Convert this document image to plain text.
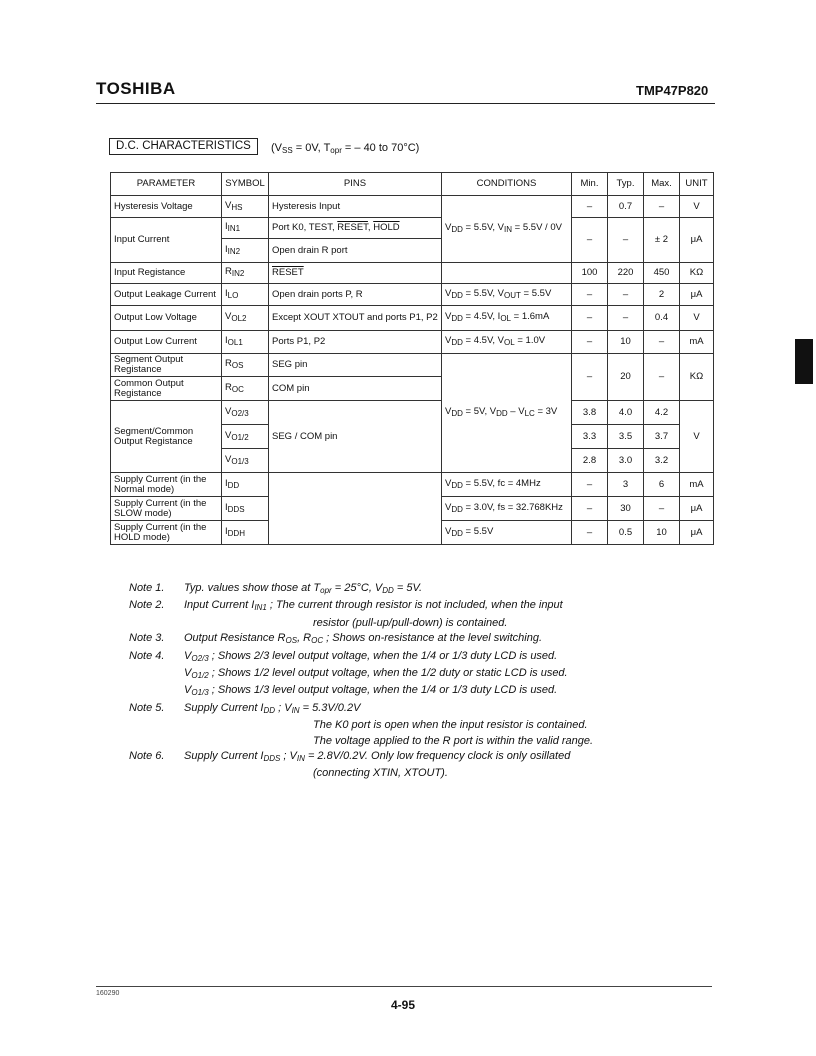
TOSHIBA	TMP47P820
D.C. CHARACTERISTICS	($V_{SS} = 0V$, $T_{opr}$ = – 40 to 70°C)
PARAMETER	SYMBOL	PINS	CONDITIONS	Min.	Typ.	Max.	UNIT
Hysteresis Voltage	$V_{HS}$	Hysteresis Input	$V_{DD} = 5.5V$, $V_{IN} = 5.5V / 0V$	–	0.7	–	V
Input Current	$I_{IN1}$	Port K0, TEST, RESET, HOLD		–	–	± 2	μA
	$I_{IN2}$	Open drain R port					
Input Registance	$R_{IN2}$	RESET		100	220	450	KΩ
Output Leakage Current	$I_{LO}$	Open drain ports P, R	$V_{DD} = 5.5V$, $V_{OUT} = 5.5V$	–	–	2	μA
Output Low Voltage	$V_{OL2}$	Except XOUT XTOUT and ports P1, P2	$V_{DD} = 4.5V$, $I_{OL} = 1.6mA$	–	–	0.4	V
Output Low Current	$I_{OL1}$	Ports P1, P2	$V_{DD} = 4.5V$, $V_{OL} = 1.0V$	–	10	–	mA
Segment Output Registance	$R_{OS}$	SEG pin	$V_{DD} = 5V$, $V_{DD} - V_{LC} = 3V$	–	20	–	KΩ
Common Output Registance	$R_{OC}$	COM pin					
Segment/Common Output Registance	$V_{O2/3}$	SEG / COM pin		3.8	4.0	4.2	V
	$V_{O1/2}$			3.3	3.5	3.7	
	$V_{O1/3}$			2.8	3.0	3.2	
Supply Current (in the Normal mode)	$I_{DD}$		$V_{DD} = 5.5V$, fc = 4MHz	–	3	6	mA
Supply Current (in the SLOW mode)	$I_{DDS}$		$V_{DD} = 3.0V$, fs = 32.768KHz	–	30	–	μA
Supply Current (in the HOLD mode)	$I_{DDH}$		$V_{DD} = 5.5V$	–	0.5	10	μA
Note 1.	Typ. values show those at $T_{opr} = 25^\circ C$, $V_{DD} = 5V$.
Note 2.	Input Current $I_{IN1}$ ; The current through resistor is not included, when the input
resistor (pull-up/pull-down) is contained.
Note 3.	Output Resistance $R_{OS}$, $R_{OC}$ ; Shows on-resistance at the level switching.
Note 4.	$V_{O2/3}$ ; Shows 2/3 level output voltage, when the 1/4 or 1/3 duty LCD is used.
$V_{O1/2}$ ; Shows 1/2 level output voltage, when the 1/2 duty or static LCD is used.
$V_{O1/3}$ ; Shows 1/3 level output voltage, when the 1/4 or 1/3 duty LCD is used.
Note 5.	Supply Current $I_{DD}$ ; $V_{IN} = 5.3V/0.2V$
The K0 port is open when the input resistor is contained.
The voltage applied to the R port is within the valid range.
Note 6.	Supply Current $I_{DDS}$ ; $V_{IN} = 2.8V/0.2V$. Only low frequency clock is only osillated
(connecting XTIN, XTOUT).
160290
4-95
